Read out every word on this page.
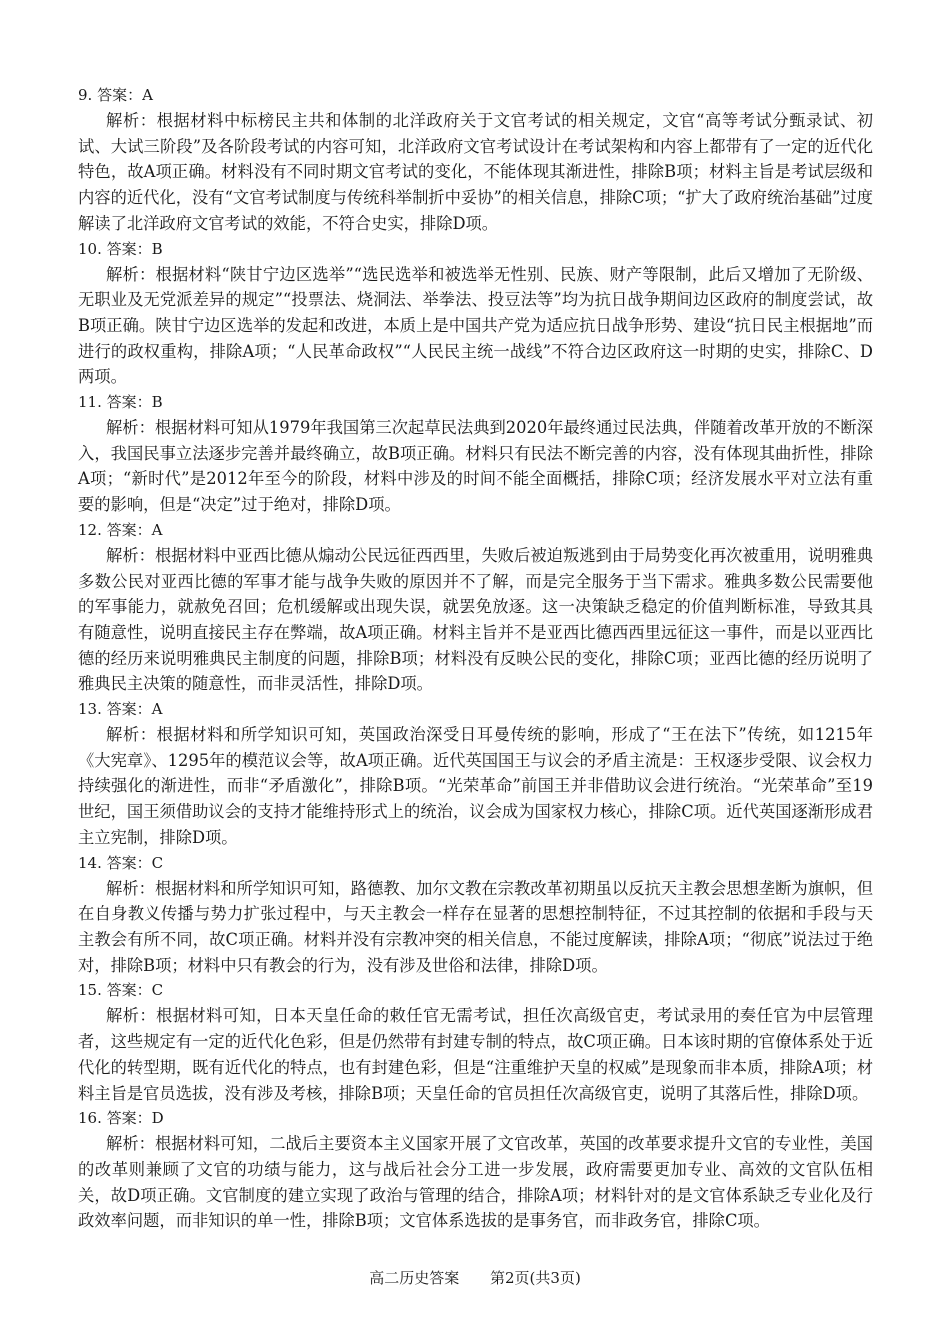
9. 答案：A

解析：根据材料中标榜民主共和体制的北洋政府关于文官考试的相关规定，文官“高等考试分甄录试、初试、大试三阶段”及各阶段考试的内容可知，北洋政府文官考试设计在考试架构和内容上都带有了一定的近代化特色，故A项正确。材料没有不同时期文官考试的变化，不能体现其渐进性，排除B项；材料主旨是考试层级和内容的近代化，没有“文官考试制度与传统科举制折中妥协”的相关信息，排除C项；“扩大了政府统治基础”过度解读了北洋政府文官考试的效能，不符合史实，排除D项。

10. 答案：B

解析：根据材料“陕甘宁边区选举”“选民选举和被选举无性别、民族、财产等限制，此后又增加了无阶级、无职业及无党派差异的规定”“投票法、烧洞法、举拳法、投豆法等”均为抗日战争期间边区政府的制度尝试，故B项正确。陕甘宁边区选举的发起和改进，本质上是中国共产党为适应抗日战争形势、建设“抗日民主根据地”而进行的政权重构，排除A项；“人民革命政权”“人民民主统一战线”不符合边区政府这一时期的史实，排除C、D两项。

11. 答案：B

解析：根据材料可知从1979年我国第三次起草民法典到2020年最终通过民法典，伴随着改革开放的不断深入，我国民事立法逐步完善并最终确立，故B项正确。材料只有民法不断完善的内容，没有体现其曲折性，排除A项；“新时代”是2012年至今的阶段，材料中涉及的时间不能全面概括，排除C项；经济发展水平对立法有重要的影响，但是“决定”过于绝对，排除D项。

12. 答案：A

解析：根据材料中亚西比德从煽动公民远征西西里，失败后被迫叛逃到由于局势变化再次被重用，说明雅典多数公民对亚西比德的军事才能与战争失败的原因并不了解，而是完全服务于当下需求。雅典多数公民需要他的军事能力，就赦免召回；危机缓解或出现失误，就罢免放逐。这一决策缺乏稳定的价值判断标准，导致其具有随意性，说明直接民主存在弊端，故A项正确。材料主旨并不是亚西比德西西里远征这一事件，而是以亚西比德的经历来说明雅典民主制度的问题，排除B项；材料没有反映公民的变化，排除C项；亚西比德的经历说明了雅典民主决策的随意性，而非灵活性，排除D项。

13. 答案：A

解析：根据材料和所学知识可知，英国政治深受日耳曼传统的影响，形成了“王在法下”传统，如1215年《大宪章》、1295年的模范议会等，故A项正确。近代英国国王与议会的矛盾主流是：王权逐步受限、议会权力持续强化的渐进性，而非“矛盾激化”，排除B项。“光荣革命”前国王并非借助议会进行统治。“光荣革命”至19世纪，国王须借助议会的支持才能维持形式上的统治，议会成为国家权力核心，排除C项。近代英国逐渐形成君主立宪制，排除D项。

14. 答案：C

解析：根据材料和所学知识可知，路德教、加尔文教在宗教改革初期虽以反抗天主教会思想垄断为旗帜，但在自身教义传播与势力扩张过程中，与天主教会一样存在显著的思想控制特征，不过其控制的依据和手段与天主教会有所不同，故C项正确。材料并没有宗教冲突的相关信息，不能过度解读，排除A项；“彻底”说法过于绝对，排除B项；材料中只有教会的行为，没有涉及世俗和法律，排除D项。

15. 答案：C

解析：根据材料可知，日本天皇任命的敕任官无需考试，担任次高级官吏，考试录用的奏任官为中层管理者，这些规定有一定的近代化色彩，但是仍然带有封建专制的特点，故C项正确。日本该时期的官僚体系处于近代化的转型期，既有近代化的特点，也有封建色彩，但是“注重维护天皇的权威”是现象而非本质，排除A项；材料主旨是官员选拔，没有涉及考核，排除B项；天皇任命的官员担任次高级官吏，说明了其落后性，排除D项。

16. 答案：D

解析：根据材料可知，二战后主要资本主义国家开展了文官改革，英国的改革要求提升文官的专业性，美国的改革则兼顾了文官的功绩与能力，这与战后社会分工进一步发展，政府需要更加专业、高效的文官队伍相关，故D项正确。文官制度的建立实现了政治与管理的结合，排除A项；材料针对的是文官体系缺乏专业化及行政效率问题，而非知识的单一性，排除B项；文官体系选拔的是事务官，而非政务官，排除C项。

高二历史答案 第2页(共3页)
